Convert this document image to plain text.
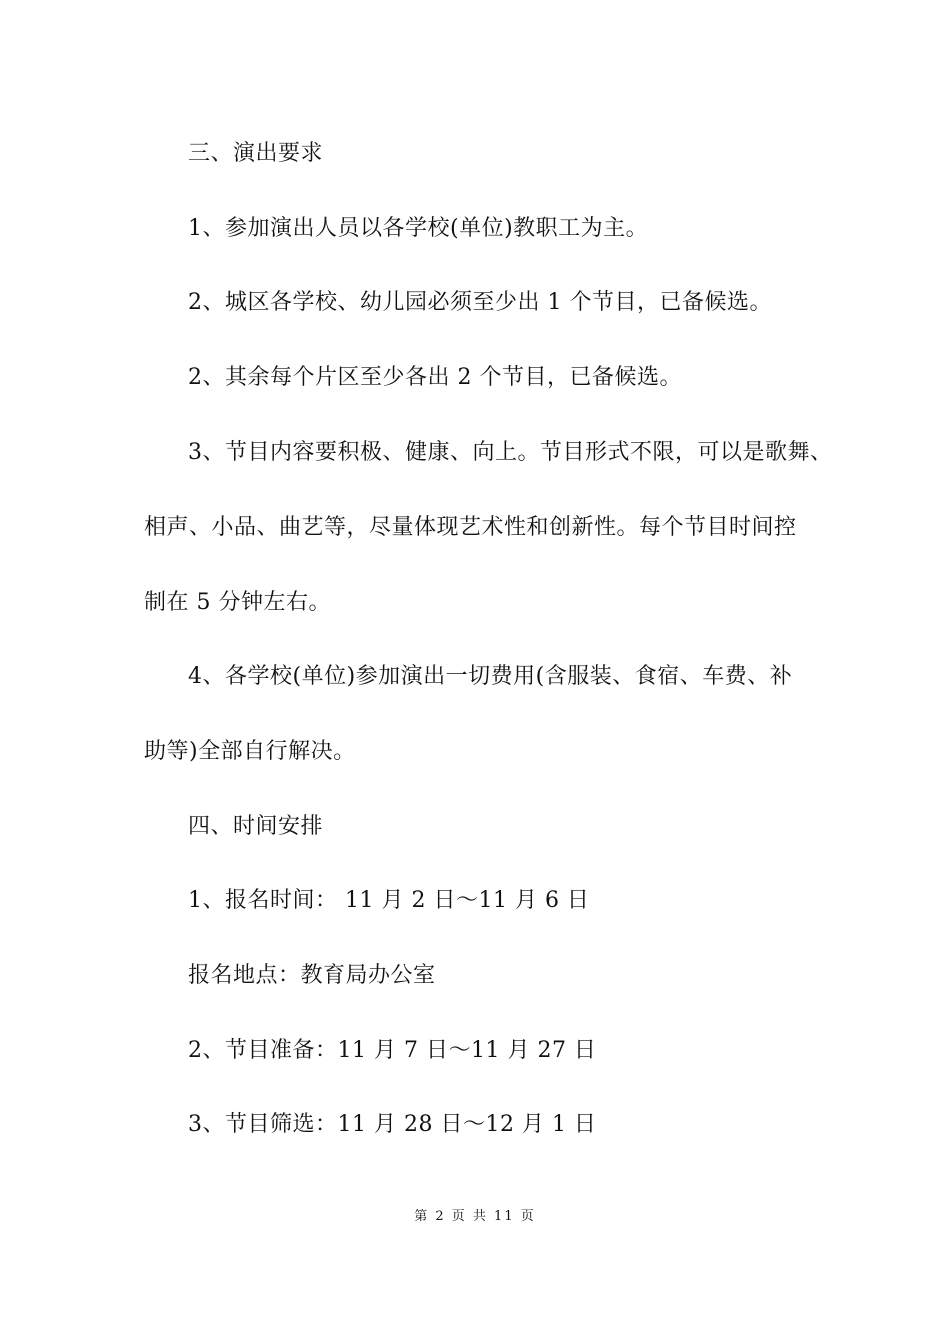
三、演出要求
1、参加演出人员以各学校(单位)教职工为主。
2、城区各学校、幼儿园必须至少出 1 个节目，已备候选。
2、其余每个片区至少各出 2 个节目，已备候选。
3、节目内容要积极、健康、向上。节目形式不限，可以是歌舞、
相声、小品、曲艺等，尽量体现艺术性和创新性。每个节目时间控
制在 5 分钟左右。
4、各学校(单位)参加演出一切费用(含服装、食宿、车费、补
助等)全部自行解决。
四、时间安排
1、报名时间： 11 月 2 日～11 月 6 日
报名地点：教育局办公室
2、节目准备：11 月 7 日～11 月 27 日
3、节目筛选：11 月 28 日～12 月 1 日
第 2 页 共 11 页
